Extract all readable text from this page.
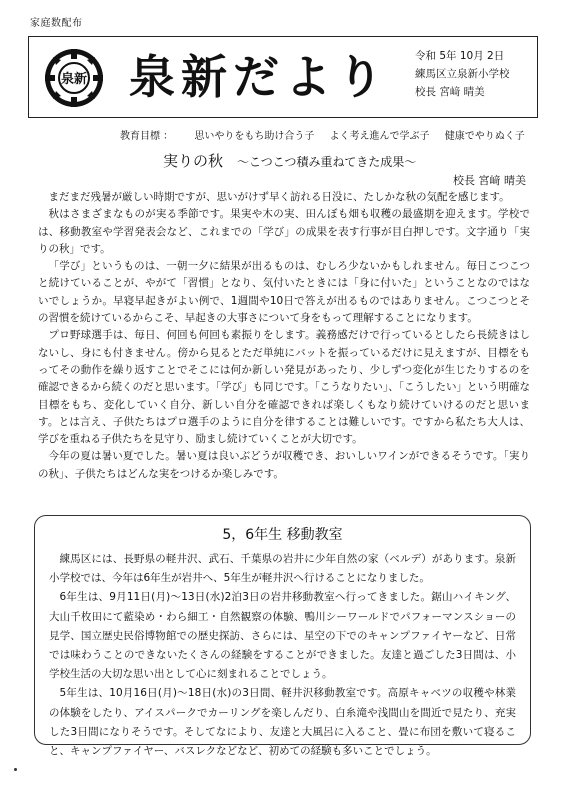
家庭数配布
泉新 泉新だより 令和 5年 10月 2日
練馬区立泉新小学校
校長 宮﨑 晴美
教育目標 ： 思いやりをもち助け合う子 よく考え進んで学ぶ子 健康でやりぬく子
実りの秋 ～こつこつ積み重ねてきた成果～
校長 宮﨑 晴美

まだまだ残暑が厳しい時期ですが、思いがけず早く訪れる日没に、たしかな秋の気配を感じます。

秋はさまざまなものが実る季節です。果実や木の実、田んぼも畑も収穫の最盛期を迎えます。学校では、移動教室や学習発表会など、これまでの「学び」の成果を表す行事が目白押しです。文字通り「実りの秋」です。

「学び」というものは、一朝一夕に結果が出るものは、むしろ少ないかもしれません。毎日こつこつと続けていることが、やがて「習慣」となり、気付いたときには「身に付いた」ということなのではないでしょうか。早寝早起きがよい例で、1週間や10日で答えが出るものではありません。こつこつとその習慣を続けているからこそ、早起きの大事さについて身をもって理解することになります。

プロ野球選手は、毎日、何回も何回も素振りをします。義務感だけで行っているとしたら長続きはしないし、身にも付きません。傍から見るとただ単純にバットを振っているだけに見えますが、目標をもってその動作を繰り返すことでそこには何か新しい発見があったり、少しずつ変化が生じたりするのを確認できるから続くのだと思います。「学び」も同じです。「こうなりたい」、「こうしたい」という明確な目標をもち、変化していく自分、新しい自分を確認できれば楽しくもなり続けていけるのだと思います。とは言え、子供たちはプロ選手のように自分を律することは難しいです。ですから私たち大人は、学びを重ねる子供たちを見守り、励まし続けていくことが大切です。

今年の夏は暑い夏でした。暑い夏は良いぶどうが収穫でき、おいしいワインができるそうです。「実りの秋」、子供たちはどんな実をつけるか楽しみです。

5，6年生 移動教室

練馬区には、長野県の軽井沢、武石、千葉県の岩井に少年自然の家（ベルデ）があります。泉新小学校では、今年は6年生が岩井へ、5年生が軽井沢へ行けることになりました。

6年生は、9月11日(月)～13日(水)2泊3日の岩井移動教室へ行ってきました。鋸山ハイキング、大山千枚田にて藍染め・わら細工・自然観察の体験、鴨川シーワールドでパフォーマンスショーの見学、国立歴史民俗博物館での歴史探訪、さらには、星空の下でのキャンプファイヤーなど、日常では味わうことのできないたくさんの経験をすることができました。友達と過ごした3日間は、小学校生活の大切な思い出として心に刻まれることでしょう。

5年生は、10月16日(月)～18日(水)の3日間、軽井沢移動教室です。高原キャベツの収穫や林業の体験をしたり、アイスパークでカーリングを楽しんだり、白糸滝や浅間山を間近で見たり、充実した3日間になりそうです。そしてなにより、友達と大風呂に入ること、畳に布団を敷いて寝ること、キャンプファイヤー、バスレクなどなど、初めての経験も多いことでしょう。
